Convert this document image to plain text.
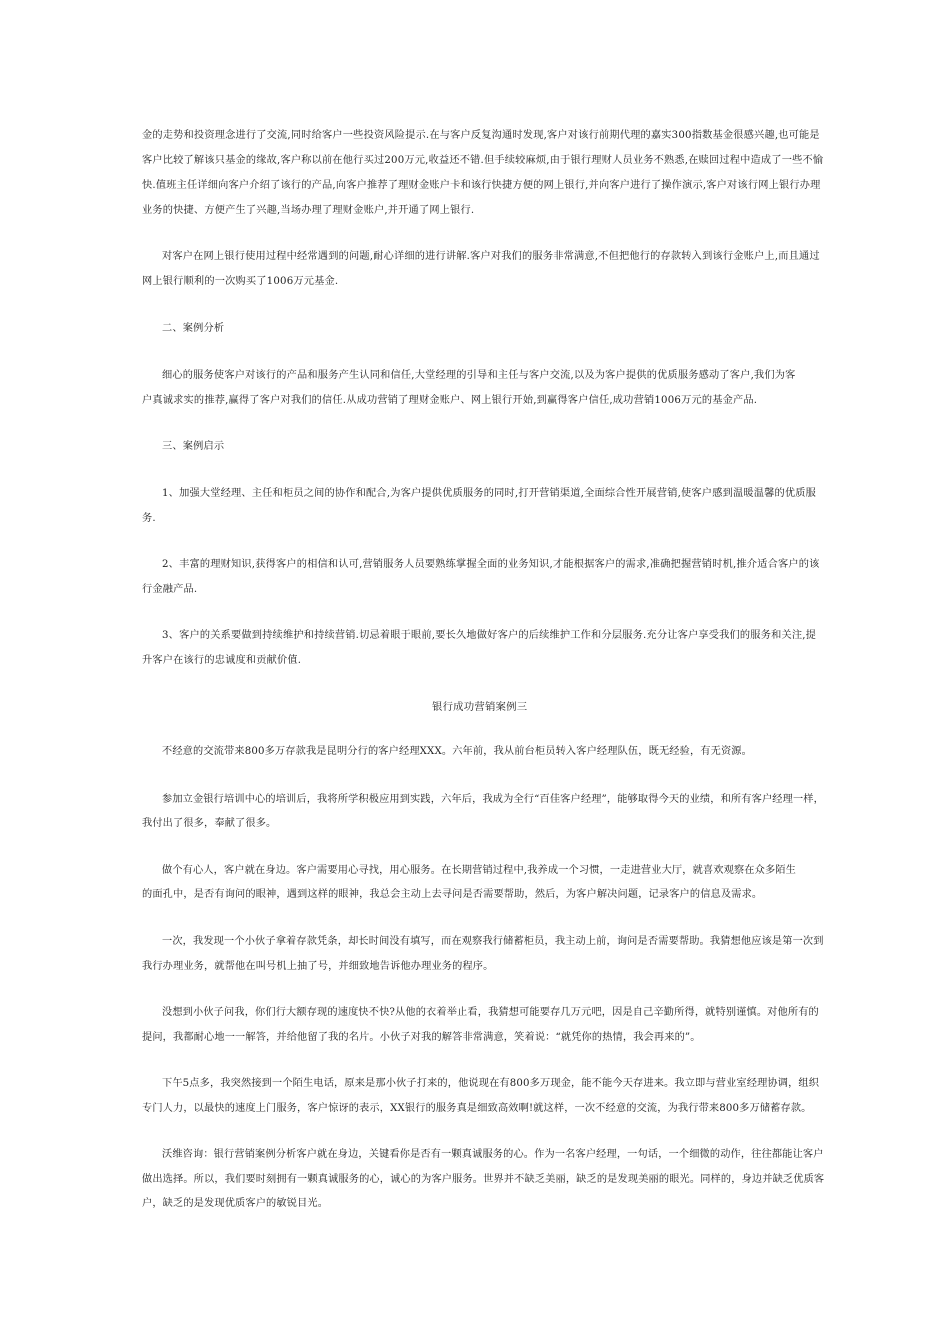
金的走势和投资理念进行了交流,同时给客户一些投资风险提示.在与客户反复沟通时发现,客户对该行前期代理的嘉实300指数基金很感兴趣,也可能是
客户比较了解该只基金的缘故,客户称以前在他行买过200万元,收益还不错.但手续较麻烦,由于银行理财人员业务不熟悉,在赎回过程中造成了一些不愉
快.值班主任详细向客户介绍了该行的产品,向客户推荐了理财金账户卡和该行快捷方便的网上银行,并向客户进行了操作演示,客户对该行网上银行办理
业务的快捷、方便产生了兴趣,当场办理了理财金账户,并开通了网上银行.
对客户在网上银行使用过程中经常遇到的问题,耐心详细的进行讲解.客户对我们的服务非常满意,不但把他行的存款转入到该行金账户上,而且通过
网上银行顺利的一次购买了1006万元基金.
二、案例分析
细心的服务使客户对该行的产品和服务产生认同和信任,大堂经理的引导和主任与客户交流,以及为客户提供的优质服务感动了客户,我们为客
户真诚求实的推荐,赢得了客户对我们的信任.从成功营销了理财金账户、网上银行开始,到赢得客户信任,成功营销1006万元的基金产品.
三、案例启示
1、加强大堂经理、主任和柜员之间的协作和配合,为客户提供优质服务的同时,打开营销渠道,全面综合性开展营销,使客户感到温暖温馨的优质服
务.
2、丰富的理财知识,获得客户的相信和认可,营销服务人员要熟练掌握全面的业务知识,才能根据客户的需求,准确把握营销时机,推介适合客户的该
行金融产品.
3、客户的关系要做到持续维护和持续营销.切忌着眼于眼前,要长久地做好客户的后续维护工作和分层服务.充分让客户享受我们的服务和关注,提
升客户在该行的忠诚度和贡献价值.
银行成功营销案例三
不经意的交流带来800多万存款我是昆明分行的客户经理XXX。六年前，我从前台柜员转入客户经理队伍，既无经验，有无资源。
参加立金银行培训中心的培训后，我将所学积极应用到实践，六年后，我成为全行“百佳客户经理”，能够取得今天的业绩，和所有客户经理一样，
我付出了很多，奉献了很多。
做个有心人，客户就在身边。客户需要用心寻找，用心服务。在长期营销过程中,我养成一个习惯，一走进营业大厅，就喜欢观察在众多陌生
的面孔中，是否有询问的眼神，遇到这样的眼神，我总会主动上去寻问是否需要帮助，然后，为客户解决问题，记录客户的信息及需求。
一次，我发现一个小伙子拿着存款凭条，却长时间没有填写，而在观察我行储蓄柜员，我主动上前，询问是否需要帮助。我猜想他应该是第一次到
我行办理业务，就帮他在叫号机上抽了号，并细致地告诉他办理业务的程序。
没想到小伙子问我，你们行大额存现的速度快不快?从他的衣着举止看，我猜想可能要存几万元吧，因是自己辛勤所得，就特别谨慎。对他所有的
提问，我都耐心地一一解答，并给他留了我的名片。小伙子对我的解答非常满意，笑着说：“就凭你的热情，我会再来的”。
下午5点多，我突然接到一个陌生电话，原来是那小伙子打来的，他说现在有800多万现金，能不能今天存进来。我立即与营业室经理协调，组织
专门人力，以最快的速度上门服务，客户惊讶的表示，XX银行的服务真是细致高效啊!就这样，一次不经意的交流，为我行带来800多万储蓄存款。
沃维咨询：银行营销案例分析客户就在身边，关键看你是否有一颗真诚服务的心。作为一名客户经理，一句话，一个细微的动作，往往都能让客户
做出选择。所以，我们要时刻拥有一颗真诚服务的心，诚心的为客户服务。世界并不缺乏美丽，缺乏的是发现美丽的眼光。同样的，身边并缺乏优质客
户，缺乏的是发现优质客户的敏锐目光。
